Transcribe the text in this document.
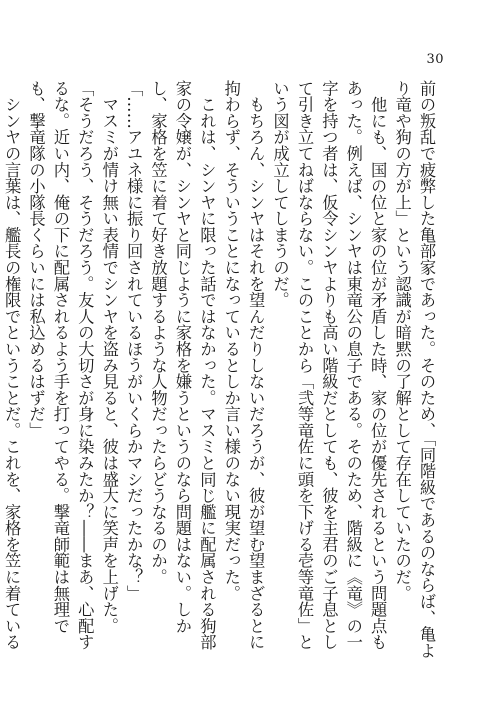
30

前の叛乱で疲弊した亀部家であった。そのため、「同階級であるのならば、亀より竜や狗の方が上」という認識が暗黙の了解として存在していたのだ。

　他にも、国の位と家の位が矛盾した時、家の位が優先されるという問題点もあった。例えば、シンヤは東竜公の息子である。そのため、階級に《竜》の一字を持つ者は、仮令シンヤよりも高い階級だとしても、彼を主君のご子息として引き立てねばならない。このことから「弐等竜佐に頭を下げる壱等竜佐」という図が成立してしまうのだ。

　もちろん、シンヤはそれを望んだりしないだろうが、彼が望む望まざるとに拘わらず、そういうことになっているとしか言い様のない現実だった。

　これは、シンヤに限った話ではなかった。マスミと同じ艦に配属される狗部家の令嬢が、シンヤと同じように家格を嫌うというのなら問題はない。しかし、家格を笠に着て好き放題するような人物だったらどうなるのか。

「……アユネ様に振り回されているほうがいくらかマシだったかな？」

　マスミが情け無い表情でシンヤを盗み見ると、彼は盛大に笑声を上げた。

「そうだろう、そうだろう。友人の大切さが身に染みたか？――まあ、心配するな。近い内、俺の下に配属されるよう手を打ってやる。撃竜師範は無理でも、撃竜隊の小隊長くらいには私込めるはずだ」

　シンヤの言葉は、艦長の権限でということだ。これを、家格を笠に着ている
